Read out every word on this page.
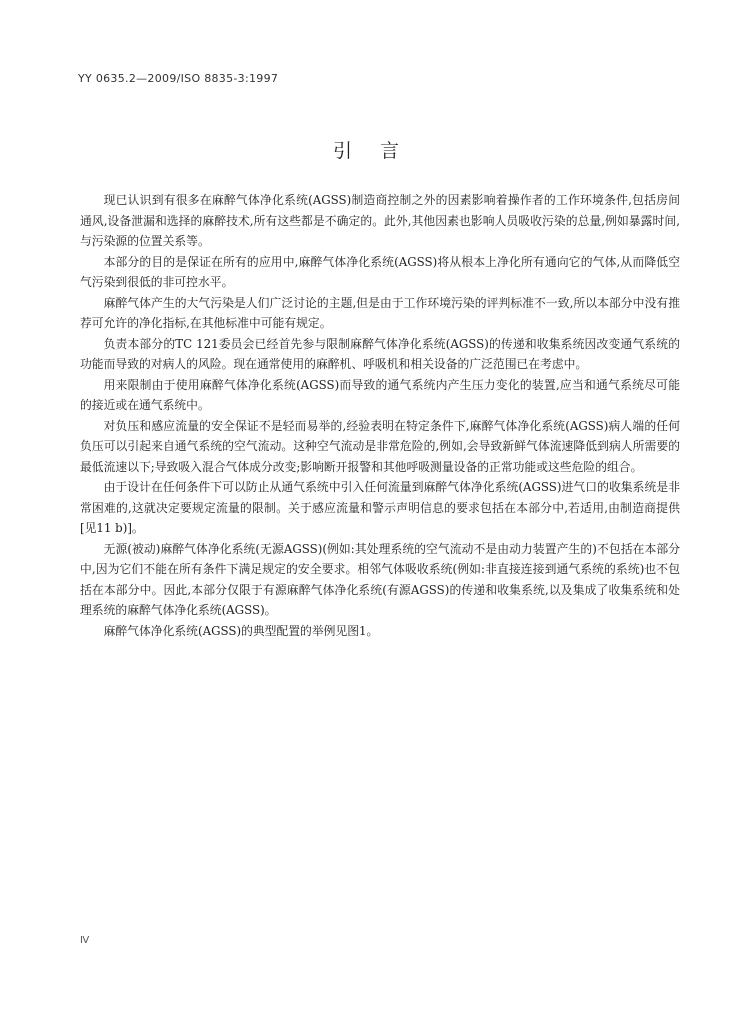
YY 0635.2—2009/ISO 8835-3:1997
引言

现已认识到有很多在麻醉气体净化系统(AGSS)制造商控制之外的因素影响着操作者的工作环境条件,包括房间通风,设备泄漏和选择的麻醉技术,所有这些都是不确定的。此外,其他因素也影响人员吸收污染的总量,例如暴露时间,与污染源的位置关系等。

本部分的目的是保证在所有的应用中,麻醉气体净化系统(AGSS)将从根本上净化所有通向它的气体,从而降低空气污染到很低的非可控水平。

麻醉气体产生的大气污染是人们广泛讨论的主题,但是由于工作环境污染的评判标准不一致,所以本部分中没有推荐可允许的净化指标,在其他标准中可能有规定。

负责本部分的TC 121委员会已经首先参与限制麻醉气体净化系统(AGSS)的传递和收集系统因改变通气系统的功能而导致的对病人的风险。现在通常使用的麻醉机、呼吸机和相关设备的广泛范围已在考虑中。

用来限制由于使用麻醉气体净化系统(AGSS)而导致的通气系统内产生压力变化的装置,应当和通气系统尽可能的接近或在通气系统中。

对负压和感应流量的安全保证不是轻而易举的,经验表明在特定条件下,麻醉气体净化系统(AGSS)病人端的任何负压可以引起来自通气系统的空气流动。这种空气流动是非常危险的,例如,会导致新鲜气体流速降低到病人所需要的最低流速以下;导致吸入混合气体成分改变;影响断开报警和其他呼吸测量设备的正常功能或这些危险的组合。

由于设计在任何条件下可以防止从通气系统中引入任何流量到麻醉气体净化系统(AGSS)进气口的收集系统是非常困难的,这就决定要规定流量的限制。关于感应流量和警示声明信息的要求包括在本部分中,若适用,由制造商提供[见11 b)]。

无源(被动)麻醉气体净化系统(无源AGSS)(例如:其处理系统的空气流动不是由动力装置产生的)不包括在本部分中,因为它们不能在所有条件下满足规定的安全要求。相邻气体吸收系统(例如:非直接连接到通气系统的系统)也不包括在本部分中。因此,本部分仅限于有源麻醉气体净化系统(有源AGSS)的传递和收集系统,以及集成了收集系统和处理系统的麻醉气体净化系统(AGSS)。

麻醉气体净化系统(AGSS)的典型配置的举例见图1。

Ⅳ
